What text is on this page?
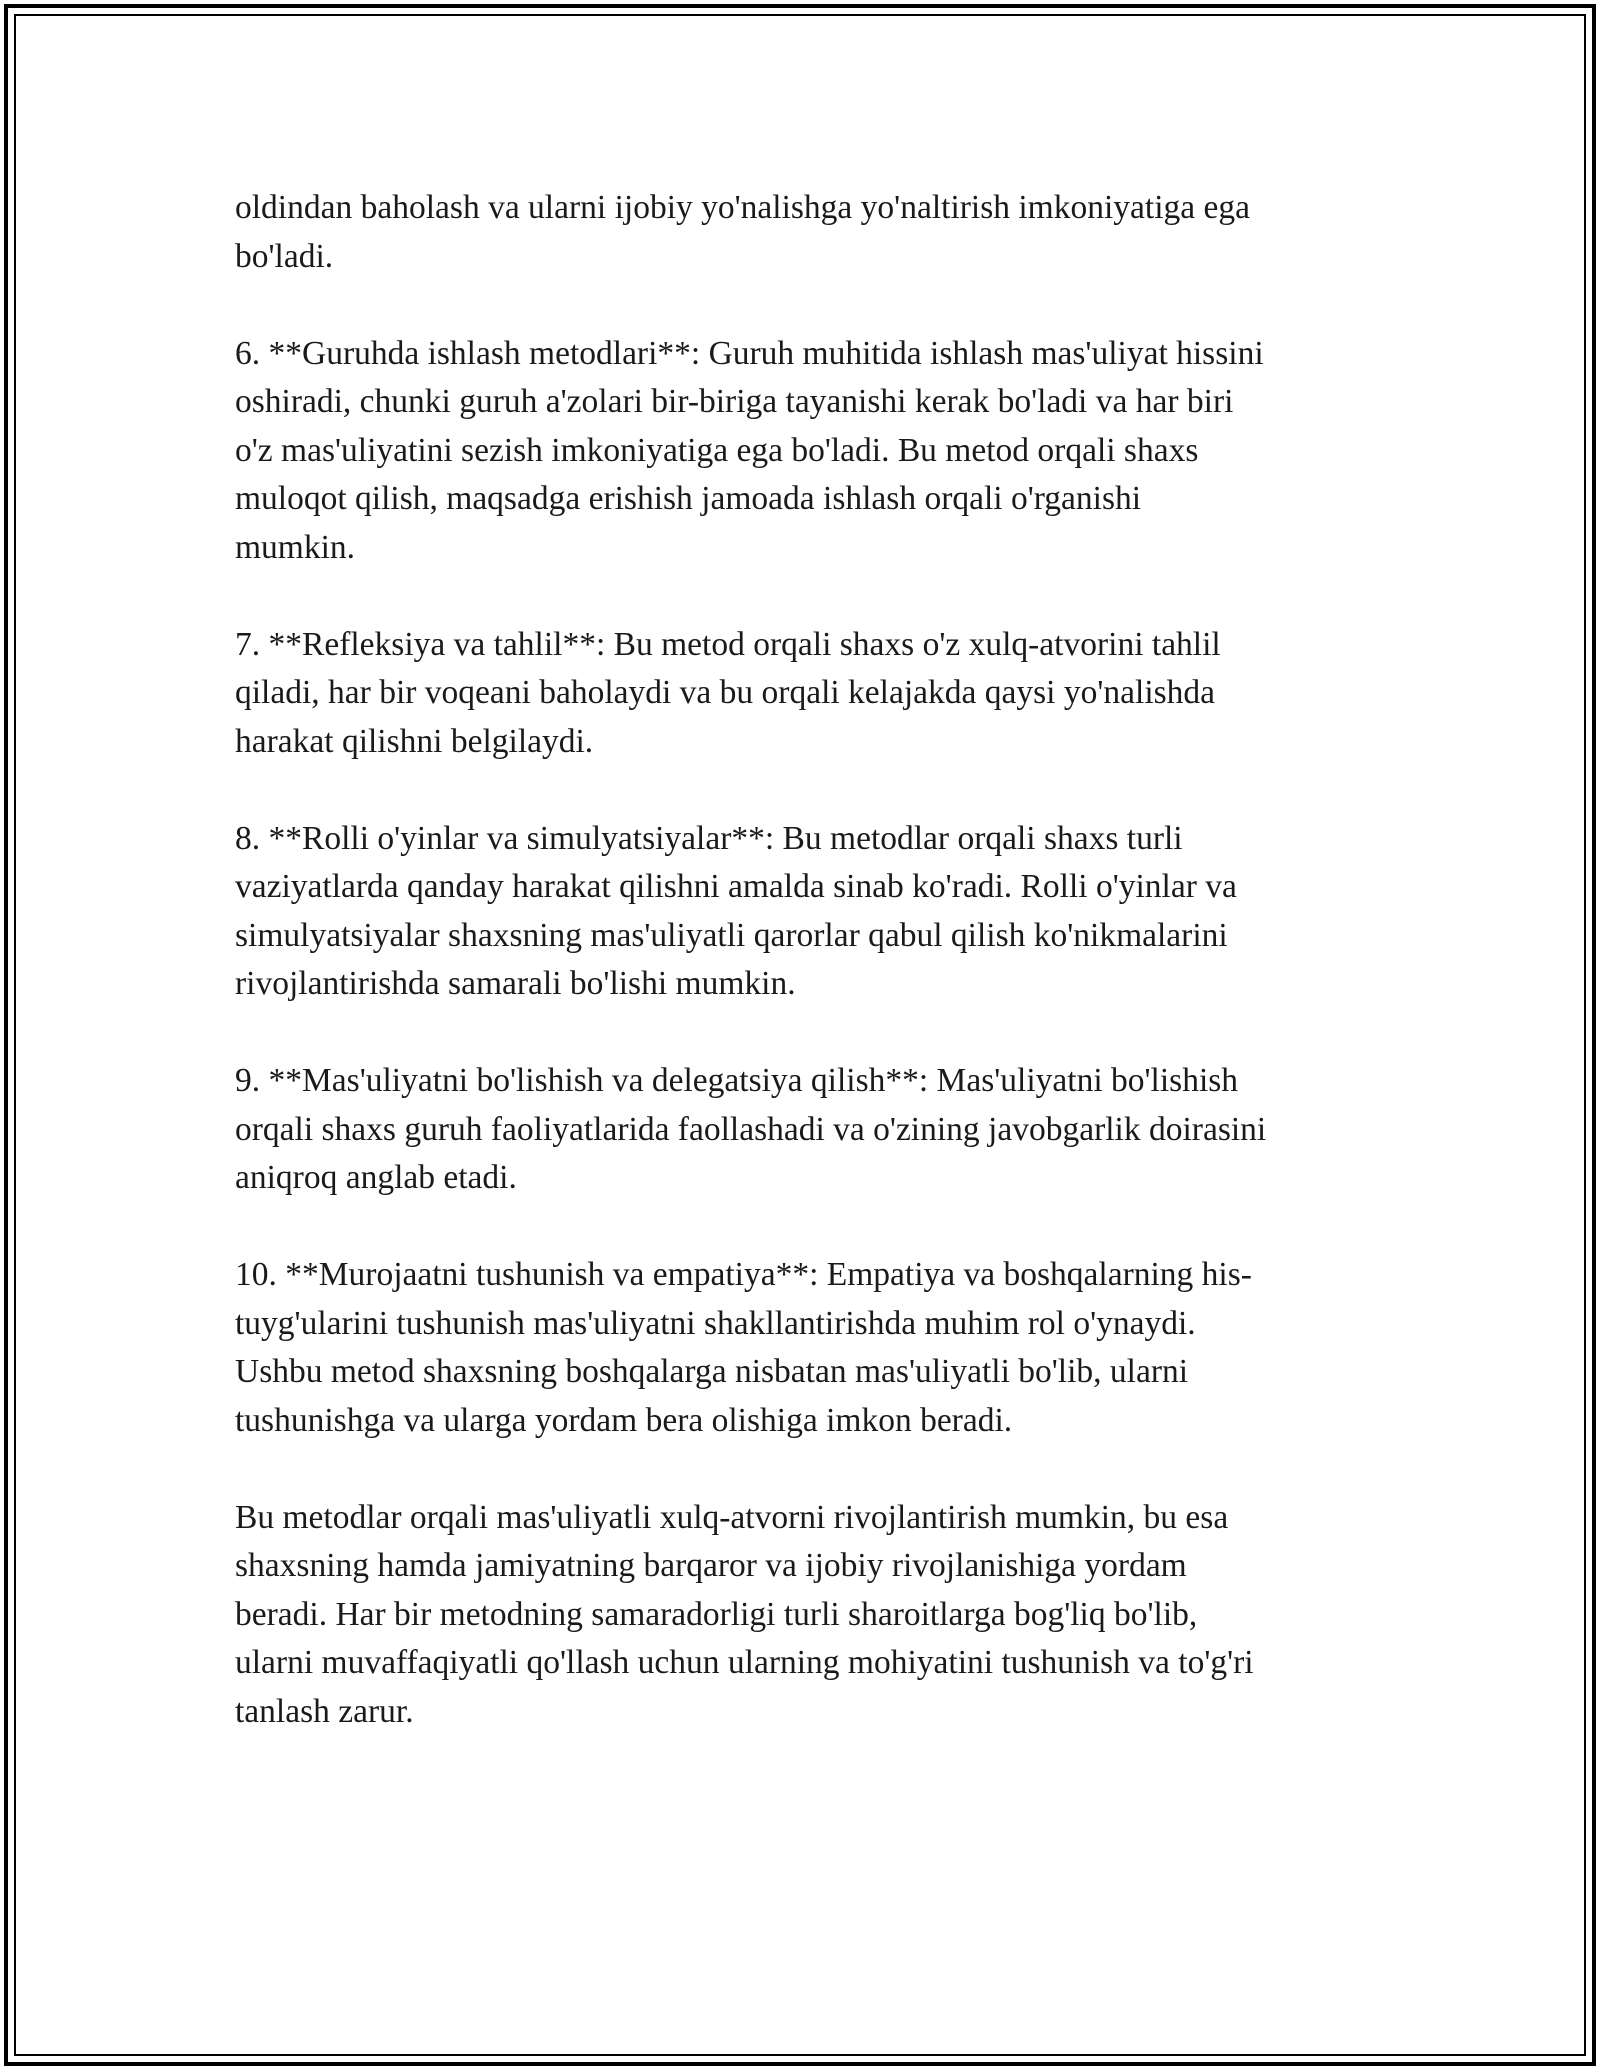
oldindan baholash va ularni ijobiy yo'nalishga yo'naltirish imkoniyatiga ega
bo'ladi.

6. **Guruhda ishlash metodlari**: Guruh muhitida ishlash mas'uliyat hissini
oshiradi, chunki guruh a'zolari bir-biriga tayanishi kerak bo'ladi va har biri
o'z mas'uliyatini sezish imkoniyatiga ega bo'ladi. Bu metod orqali shaxs
muloqot qilish, maqsadga erishish jamoada ishlash orqali o'rganishi
mumkin.

7. **Refleksiya va tahlil**: Bu metod orqali shaxs o'z xulq-atvorini tahlil
qiladi, har bir voqeani baholaydi va bu orqali kelajakda qaysi yo'nalishda
harakat qilishni belgilaydi.

8. **Rolli o'yinlar va simulyatsiyalar**: Bu metodlar orqali shaxs turli
vaziyatlarda qanday harakat qilishni amalda sinab ko'radi. Rolli o'yinlar va
simulyatsiyalar shaxsning mas'uliyatli qarorlar qabul qilish ko'nikmalarini
rivojlantirishda samarali bo'lishi mumkin.

9. **Mas'uliyatni bo'lishish va delegatsiya qilish**: Mas'uliyatni bo'lishish
orqali shaxs guruh faoliyatlarida faollashadi va o'zining javobgarlik doirasini
aniqroq anglab etadi.

10. **Murojaatni tushunish va empatiya**: Empatiya va boshqalarning his-
tuyg'ularini tushunish mas'uliyatni shakllantirishda muhim rol o'ynaydi.
Ushbu metod shaxsning boshqalarga nisbatan mas'uliyatli bo'lib, ularni
tushunishga va ularga yordam bera olishiga imkon beradi.

Bu metodlar orqali mas'uliyatli xulq-atvorni rivojlantirish mumkin, bu esa
shaxsning hamda jamiyatning barqaror va ijobiy rivojlanishiga yordam
beradi. Har bir metodning samaradorligi turli sharoitlarga bog'liq bo'lib,
ularni muvaffaqiyatli qo'llash uchun ularning mohiyatini tushunish va to'g'ri
tanlash zarur.
